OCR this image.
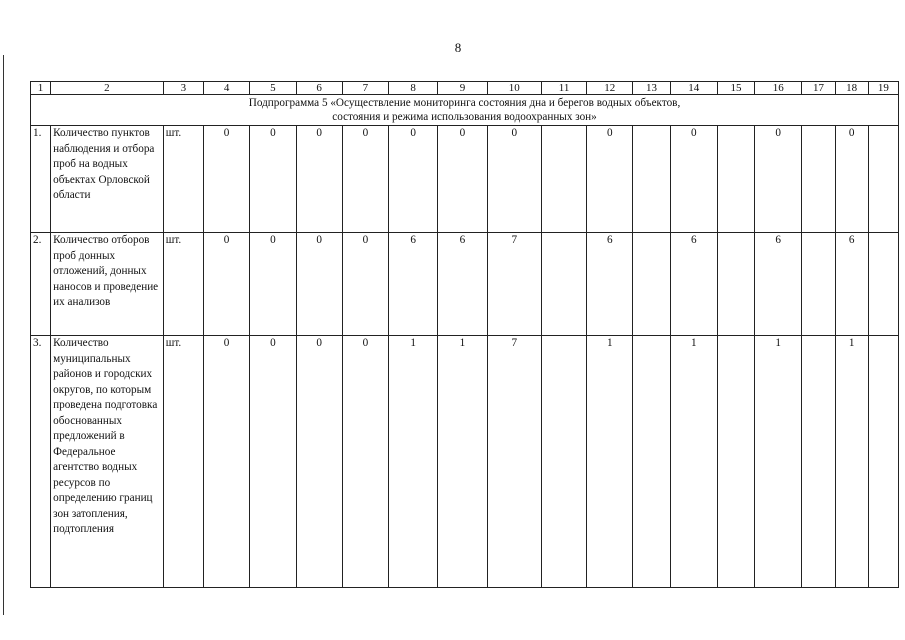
8
1	2	3	4	5	6	7	8	9	10	11	12	13	14	15	16	17	18	19

Подпрограмма 5 «Осуществление мониторинга состояния дна и берегов водных объектов,
состояния и режима использования водоохранных зон»																		

1.	Количество пунктов наблюдения и отбора проб на водных объектах Орловской области	шт.	0	0	0	0	0	0	0		0		0		0		0	
2.	Количество отборов проб донных отложений, донных наносов и проведение их анализов	шт.	0	0	0	0	6	6	7		6		6		6		6	
3.	Количество муниципальных районов и городских округов, по которым проведена подготовка обоснованных предложений в Федеральное агентство водных ресурсов по определению границ зон затопления, подтопления	шт.	0	0	0	0	1	1	7		1		1		1		1	
